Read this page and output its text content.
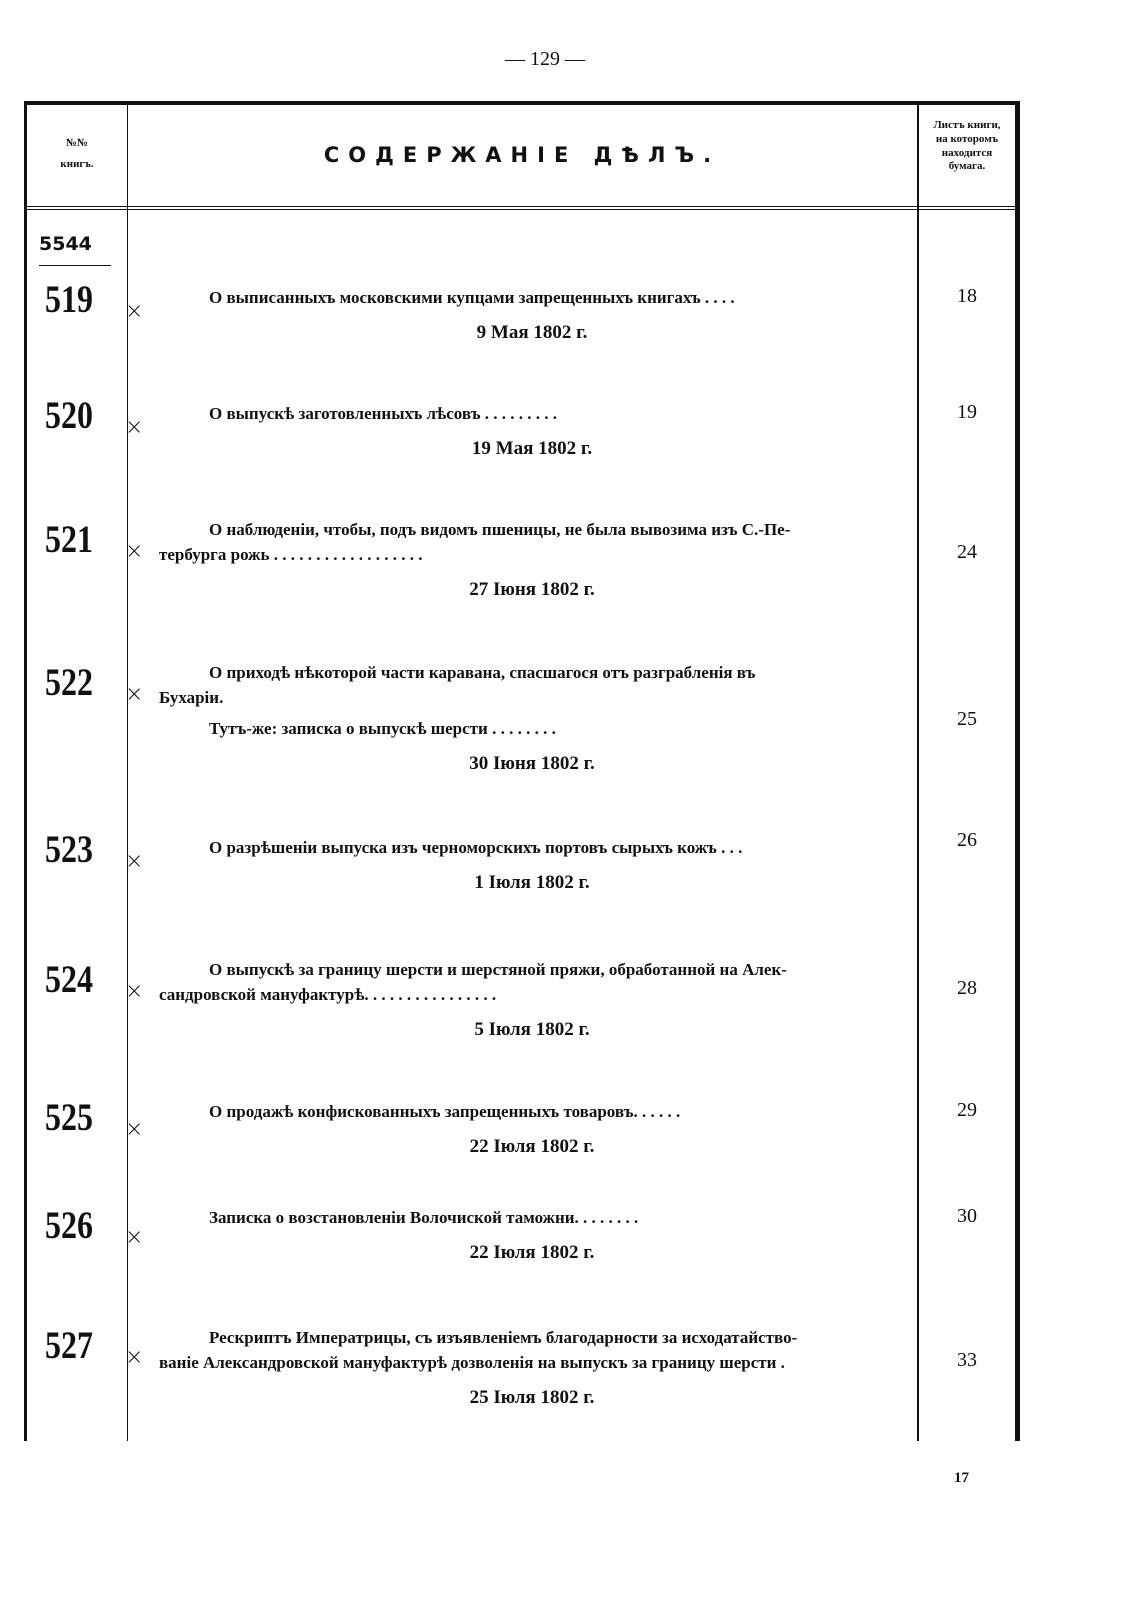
— 129 —
№№
книгъ.	СОДЕРЖАНІЕ ДѢЛЪ.
Листъ книги,
на которомъ
находится
бумага.
5544
519 ×
О выписанныхъ московскими купцами запрещенныхъ книгахъ . . . .
9 Мая 1802 г.
18
520 ×
О выпускѣ заготовленныхъ лѣсовъ . . . . . . . . .
19 Мая 1802 г.
19
521 ×
О наблюденіи, чтобы, подъ видомъ пшеницы, не была вывозима изъ С.-Пе-
тербурга рожь . . . . . . . . . . . . . . . . . .
27 Іюня 1802 г.
24
522 ×
О приходѣ нѣкоторой части каравана, спасшагося отъ разграбленія въ
Бухаріи.
Тутъ-же: записка о выпускѣ шерсти . . . . . . . .
30 Іюня 1802 г.
25
523 ×
О разрѣшеніи выпуска изъ черноморскихъ портовъ сырыхъ кожъ . . .
1 Іюля 1802 г.
26
524 ×
О выпускѣ за границу шерсти и шерстяной пряжи, обработанной на Алек-
сандровской мануфактурѣ. . . . . . . . . . . . . . . .
5 Іюля 1802 г.
28
525 ×
О продажѣ конфискованныхъ запрещенныхъ товаровъ. . . . . .
22 Іюля 1802 г.
29
526 ×
Записка о возстановленіи Волочиской таможни. . . . . . . .
22 Іюля 1802 г.
30
527 ×
Рескриптъ Императрицы, съ изъявленіемъ благодарности за исходатайство-
ваніе Александровской мануфактурѣ дозволенія на выпускъ за границу шерсти .
25 Іюля 1802 г.
33
17
